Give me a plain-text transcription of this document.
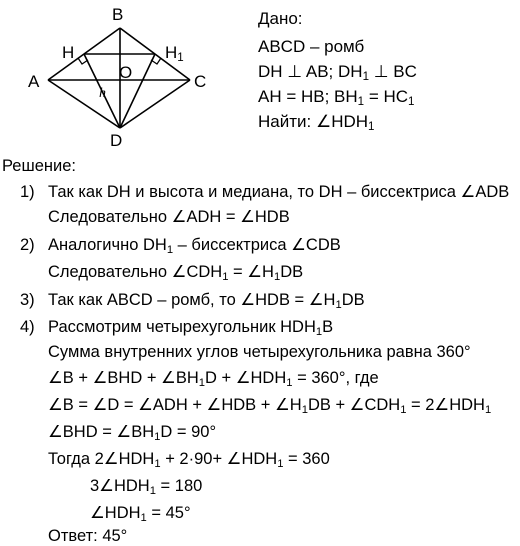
B
H	$H_1$
A	O	C
h
D
Дано:
ABCD – ромб
DH ⊥ AB; $DH_1$ ⊥ BC
AH = HB; $BH_1 = HC_1$
Найти: $\angle HDH_1$
Решение:
1) Так как DH и высота и медиана, то DH – биссектриса ∠ADB
Следовательно ∠ADH = ∠HDB
2) Аналогично $DH_1$ – биссектриса ∠CDB
Следовательно $\angle CDH_1$ = $\angle H_1DB$
3) Так как ABCD – ромб, то ∠HDB = $\angle H_1DB$
4) Рассмотрим четырехугольник $HDH_1B$
Сумма внутренних углов четырехугольника равна 360°
∠B + ∠BHD + $\angle BH_1D$ + $\angle HDH_1 = 360^\circ$, где
∠B = ∠D = ∠ADH + ∠HDB + $\angle H_1DB$ + $\angle CDH_1$ = $2\angle HDH_1$
∠BHD = $\angle BH_1D = 90^\circ$
Тогда $2\angle HDH_1 + 2\cdot 90+$ $\angle HDH_1 = 360$
$3\angle HDH_1 = 180$
$\angle HDH_1 = 45^\circ$
Ответ: 45°
